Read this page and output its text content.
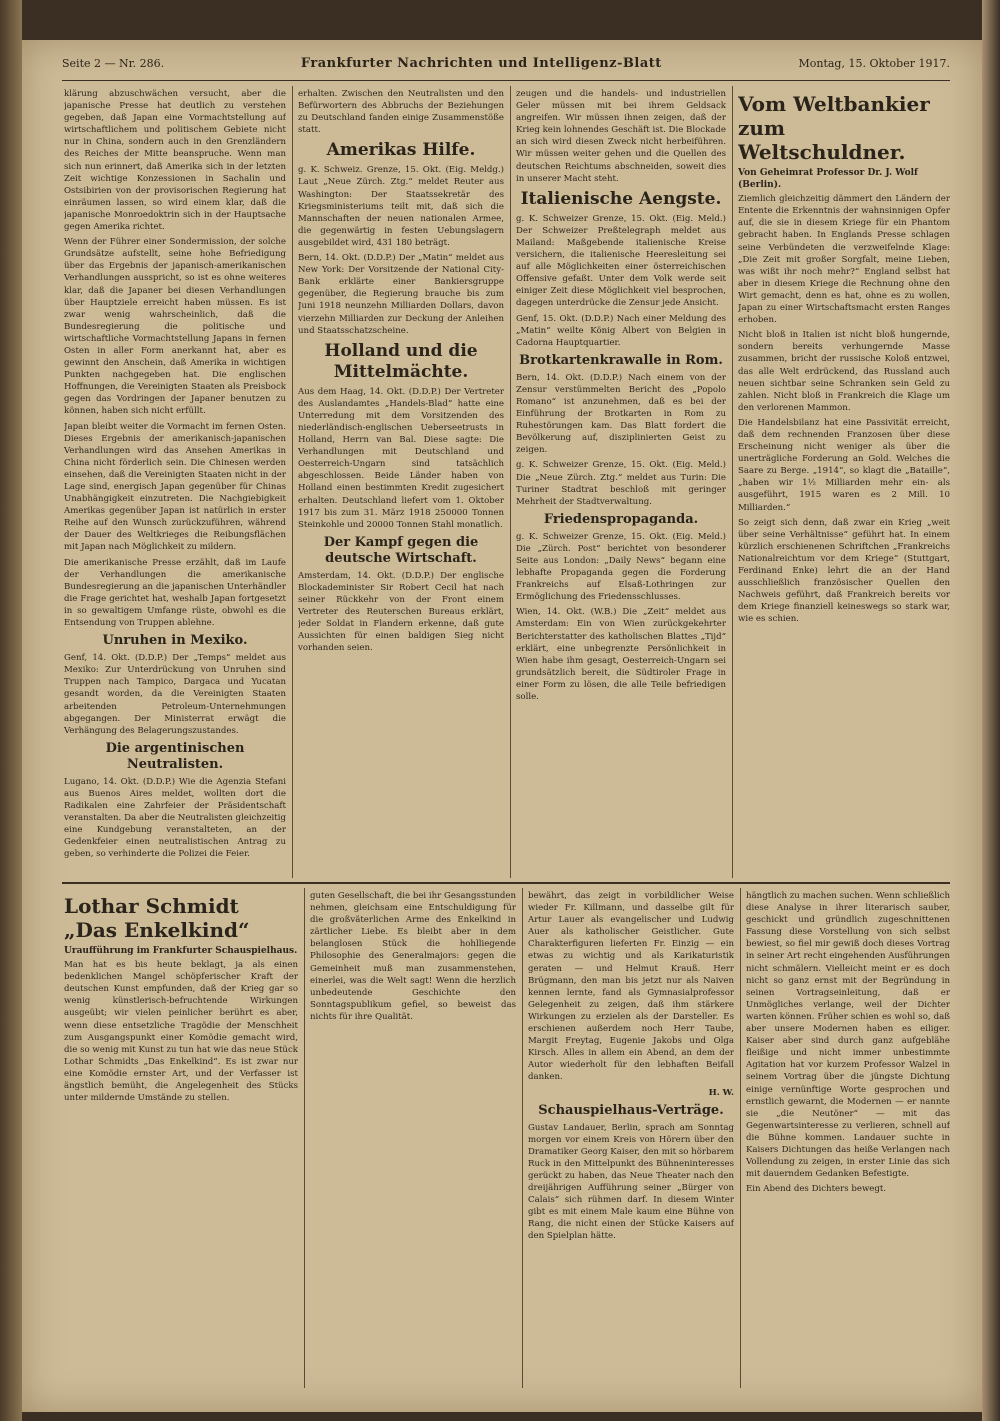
Seite 2 — Nr. 286.	Frankfurter Nachrichten und Intelligenz-Blatt	Montag, 15. Oktober 1917.

klärung abzuschwächen versucht, aber die japanische Presse hat deutlich zu verstehen gegeben, daß Japan eine Vormachtstellung auf wirtschaftlichem und politischem Gebiete nicht nur in China, sondern auch in den Grenzländern des Reiches der Mitte beanspruche. Wenn man sich nun erinnert, daß Amerika sich in der letzten Zeit wichtige Konzessionen in Sachalin und Ostsibirien von der provisorischen Regierung hat einräumen lassen, so wird einem klar, daß die japanische Monroedoktrin sich in der Hauptsache gegen Amerika richtet.

Wenn der Führer einer Sondermission, der solche Grundsätze aufstellt, seine hohe Befriedigung über das Ergebnis der japanisch-amerikanischen Verhandlungen ausspricht, so ist es ohne weiteres klar, daß die Japaner bei diesen Verhandlungen über Hauptziele erreicht haben müssen. Es ist zwar wenig wahrscheinlich, daß die Bundesregierung die politische und wirtschaftliche Vormachtstellung Japans in fernen Osten in aller Form anerkannt hat, aber es gewinnt den Anschein, daß Amerika in wichtigen Punkten nachgegeben hat. Die englischen Hoffnungen, die Vereinigten Staaten als Preisbock gegen das Vordringen der Japaner benutzen zu können, haben sich nicht erfüllt.

Japan bleibt weiter die Vormacht im fernen Osten. Dieses Ergebnis der amerikanisch-japanischen Verhandlungen wird das Ansehen Amerikas in China nicht förderlich sein. Die Chinesen werden einsehen, daß die Vereinigten Staaten nicht in der Lage sind, energisch Japan gegenüber für Chinas Unabhängigkeit einzutreten. Die Nachgiebigkeit Amerikas gegenüber Japan ist natürlich in erster Reihe auf den Wunsch zurückzuführen, während der Dauer des Weltkrieges die Reibungsflächen mit Japan nach Möglichkeit zu mildern.

Die amerikanische Presse erzählt, daß im Laufe der Verhandlungen die amerikanische Bundesregierung an die japanischen Unterhändler die Frage gerichtet hat, weshalb Japan fortgesetzt in so gewaltigem Umfange rüste, obwohl es die Entsendung von Truppen ablehne.

Unruhen in Mexiko.

Genf, 14. Okt. (D.D.P.) Der „Temps“ meldet aus Mexiko: Zur Unterdrückung von Unruhen sind Truppen nach Tampico, Dargaca und Yucatan gesandt worden, da die Vereinigten Staaten arbeitenden Petroleum-Unternehmungen abgegangen. Der Ministerrat erwägt die Verhängung des Belagerungszustandes.

Die argentinischen Neutralisten.

Lugano, 14. Okt. (D.D.P.) Wie die Agenzia Stefani aus Buenos Aires meldet, wollten dort die Radikalen eine Zahrfeier der Präsidentschaft veranstalten. Da aber die Neutralisten gleichzeitig eine Kundgebung veranstalteten, an der Gedenkfeier einen neutralistischen Antrag zu geben, so verhinderte die Polizei die Feier.

erhalten. Zwischen den Neutralisten und den Befürwortern des Abbruchs der Beziehungen zu Deutschland fanden einige Zusammenstöße statt.

Amerikas Hilfe.

g. K. Schweiz. Grenze, 15. Okt. (Eig. Meldg.) Laut „Neue Zürch. Ztg.“ meldet Reuter aus Washington: Der Staatssekretär des Kriegsministeriums teilt mit, daß sich die Mannschaften der neuen nationalen Armee, die gegenwärtig in festen Uebungslagern ausgebildet wird, 431 180 beträgt.

Bern, 14. Okt. (D.D.P.) Der „Matin“ meldet aus New York: Der Vorsitzende der National City-Bank erklärte einer Bankiersgruppe gegenüber, die Regierung brauche bis zum Juni 1918 neunzehn Milliarden Dollars, davon vierzehn Milliarden zur Deckung der Anleihen und Staatsschatzscheine.

Holland und die Mittelmächte.

Aus dem Haag, 14. Okt. (D.D.P.) Der Vertreter des Auslandamtes „Handels-Blad“ hatte eine Unterredung mit dem Vorsitzenden des niederländisch-englischen Ueberseetrusts in Holland, Herrn van Bal. Diese sagte: Die Verhandlungen mit Deutschland und Oesterreich-Ungarn sind tatsächlich abgeschlossen. Beide Länder haben von Holland einen bestimmten Kredit zugesichert erhalten. Deutschland liefert vom 1. Oktober 1917 bis zum 31. März 1918 250000 Tonnen Steinkohle und 20000 Tonnen Stahl monatlich.

Der Kampf gegen die deutsche Wirtschaft.

Amsterdam, 14. Okt. (D.D.P.) Der englische Blockademinister Sir Robert Cecil hat nach seiner Rückkehr von der Front einem Vertreter des Reuterschen Bureaus erklärt, jeder Soldat in Flandern erkenne, daß gute Aussichten für einen baldigen Sieg nicht vorhanden seien.

zeugen und die handels- und industriellen Geler müssen mit bei ihrem Geldsack angreifen. Wir müssen ihnen zeigen, daß der Krieg kein lohnendes Geschäft ist. Die Blockade an sich wird diesen Zweck nicht herbeiführen. Wir müssen weiter gehen und die Quellen des deutschen Reichtums abschneiden, soweit dies in unserer Macht steht.

Italienische Aengste.

g. K. Schweizer Grenze, 15. Okt. (Eig. Meld.) Der Schweizer Preßtelegraph meldet aus Mailand: Maßgebende italienische Kreise versichern, die italienische Heeresleitung sei auf alle Möglichkeiten einer österreichischen Offensive gefaßt. Unter dem Volk werde seit einiger Zeit diese Möglichkeit viel besprochen, dagegen unterdrücke die Zensur jede Ansicht.

Genf, 15. Okt. (D.D.P.) Nach einer Meldung des „Matin“ weilte König Albert von Belgien in Cadorna Hauptquartier.

Brotkartenkrawalle in Rom.

Bern, 14. Okt. (D.D.P.) Nach einem von der Zensur verstümmelten Bericht des „Popolo Romano“ ist anzunehmen, daß es bei der Einführung der Brotkarten in Rom zu Ruhestörungen kam. Das Blatt fordert die Bevölkerung auf, disziplinierten Geist zu zeigen.

g. K. Schweizer Grenze, 15. Okt. (Eig. Meld.) Die „Neue Zürch. Ztg.“ meldet aus Turin: Die Turiner Stadtrat beschloß mit geringer Mehrheit der Stadtverwaltung.

Friedenspropaganda.

g. K. Schweizer Grenze, 15. Okt. (Eig. Meld.) Die „Zürch. Post“ berichtet von besonderer Seite aus London: „Daily News“ begann eine lebhafte Propaganda gegen die Forderung Frankreichs auf Elsaß-Lothringen zur Ermöglichung des Friedensschlusses.

Wien, 14. Okt. (W.B.) Die „Zeit“ meldet aus Amsterdam: Ein von Wien zurückgekehrter Berichterstatter des katholischen Blattes „Tijd“ erklärt, eine unbegrenzte Persönlichkeit in Wien habe ihm gesagt, Oesterreich-Ungarn sei grundsätzlich bereit, die Südtiroler Frage in einer Form zu lösen, die alle Teile befriedigen solle.

Vom Weltbankier zum Weltschuldner.
Von Geheimrat Professor Dr. J. Wolf (Berlin).

Ziemlich gleichzeitig dämmert den Ländern der Entente die Erkenntnis der wahnsinnigen Opfer auf, die sie in diesem Kriege für ein Phantom gebracht haben. In Englands Presse schlagen seine Verbündeten die verzweifelnde Klage: „Die Zeit mit großer Sorgfalt, meine Lieben, was wißt ihr noch mehr?“ England selbst hat aber in diesem Kriege die Rechnung ohne den Wirt gemacht, denn es hat, ohne es zu wollen, Japan zu einer Wirtschaftsmacht ersten Ranges erhoben.

Nicht bloß in Italien ist nicht bloß hungernde, sondern bereits verhungernde Masse zusammen, bricht der russische Koloß entzwei, das alle Welt erdrückend, das Russland auch neuen sichtbar seine Schranken sein Geld zu zahlen. Nicht bloß in Frankreich die Klage um den verlorenen Mammon.

Die Handelsbilanz hat eine Passivität erreicht, daß dem rechnenden Franzosen über diese Erscheinung nicht weniger als über die unerträgliche Forderung an Gold. Welches die Saare zu Berge. „1914“, so klagt die „Bataille“, „haben wir 1½ Milliarden mehr ein- als ausgeführt, 1915 waren es 2 Mill. 10 Milliarden.“

So zeigt sich denn, daß zwar ein Krieg „weit über seine Verhältnisse“ geführt hat. In einem kürzlich erschienenen Schriftchen „Frankreichs Nationalreichtum vor dem Kriege“ (Stuttgart, Ferdinand Enke) lehrt die an der Hand ausschließlich französischer Quellen den Nachweis geführt, daß Frankreich bereits vor dem Kriege finanziell keineswegs so stark war, wie es schien.

Lothar Schmidt „Das Enkelkind“
Uraufführung im Frankfurter Schauspielhaus.

Man hat es bis heute beklagt, ja als einen bedenklichen Mangel schöpferischer Kraft der deutschen Kunst empfunden, daß der Krieg gar so wenig künstlerisch-befruchtende Wirkungen ausgeübt; wir vielen peinlicher berührt es aber, wenn diese entsetzliche Tragödie der Menschheit zum Ausgangspunkt einer Komödie gemacht wird, die so wenig mit Kunst zu tun hat wie das neue Stück Lothar Schmidts „Das Enkelkind“. Es ist zwar nur eine Komödie ernster Art, und der Verfasser ist ängstlich bemüht, die Angelegenheit des Stücks unter mildernde Umstände zu stellen.

guten Gesellschaft, die bei ihr Gesangsstunden nehmen, gleichsam eine Entschuldigung für die großväterlichen Arme des Enkelkind in zärtlicher Liebe. Es bleibt aber in dem belanglosen Stück die hohlliegende Philosophie des Generalmajors: gegen die Gemeinheit muß man zusammenstehen, einerlei, was die Welt sagt! Wenn die herzlich unbedeutende Geschichte den Sonntagspublikum gefiel, so beweist das nichts für ihre Qualität.

bewährt, das zeigt in vorbildlicher Weise wieder Fr. Killmann, und dasselbe gilt für Artur Lauer als evangelischer und Ludwig Auer als katholischer Geistlicher. Gute Charakterfiguren lieferten Fr. Einzig — ein etwas zu wichtig und als Karikaturistik geraten — und Helmut Krauß. Herr Brügmann, den man bis jetzt nur als Naiven kennen lernte, fand als Gymnasialprofessor Gelegenheit zu zeigen, daß ihm stärkere Wirkungen zu erzielen als der Darsteller. Es erschienen außerdem noch Herr Taube, Margit Freytag, Eugenie Jakobs und Olga Kirsch. Alles in allem ein Abend, an dem der Autor wiederholt für den lebhaften Beifall danken.

H. W.
Schauspielhaus-Verträge.

Gustav Landauer, Berlin, sprach am Sonntag morgen vor einem Kreis von Hörern über den Dramatiker Georg Kaiser, den mit so hörbarem Ruck in den Mittelpunkt des Bühneninteresses gerückt zu haben, das Neue Theater nach den dreijährigen Aufführung seiner „Bürger von Calais“ sich rühmen darf. In diesem Winter gibt es mit einem Male kaum eine Bühne von Rang, die nicht einen der Stücke Kaisers auf den Spielplan hätte.

hängtlich zu machen suchen. Wenn schließlich diese Analyse in ihrer literarisch sauber, geschickt und gründlich zugeschnittenen Fassung diese Vorstellung von sich selbst bewiest, so fiel mir gewiß doch dieses Vortrag in seiner Art recht eingehenden Ausführungen nicht schmälern. Vielleicht meint er es doch nicht so ganz ernst mit der Begründung in seinen Vortragseinleitung, daß er Unmögliches verlange, weil der Dichter warten können. Früher schien es wohl so, daß aber unsere Modernen haben es eiliger. Kaiser aber sind durch ganz aufgeblähe fleißige und nicht immer unbestimmte Agitation hat vor kurzem Professor Walzel in seinem Vortrag über die jüngste Dichtung einige vernünftige Worte gesprochen und ernstlich gewarnt, die Modernen — er nannte sie „die Neutöner“ — mit das Gegenwartsinteresse zu verlieren, schnell auf die Bühne kommen. Landauer suchte in Kaisers Dichtungen das heiße Verlangen nach Vollendung zu zeigen, in erster Linie das sich mit dauerndem Gedanken Befestigte.

Ein Abend des Dichters bewegt.
